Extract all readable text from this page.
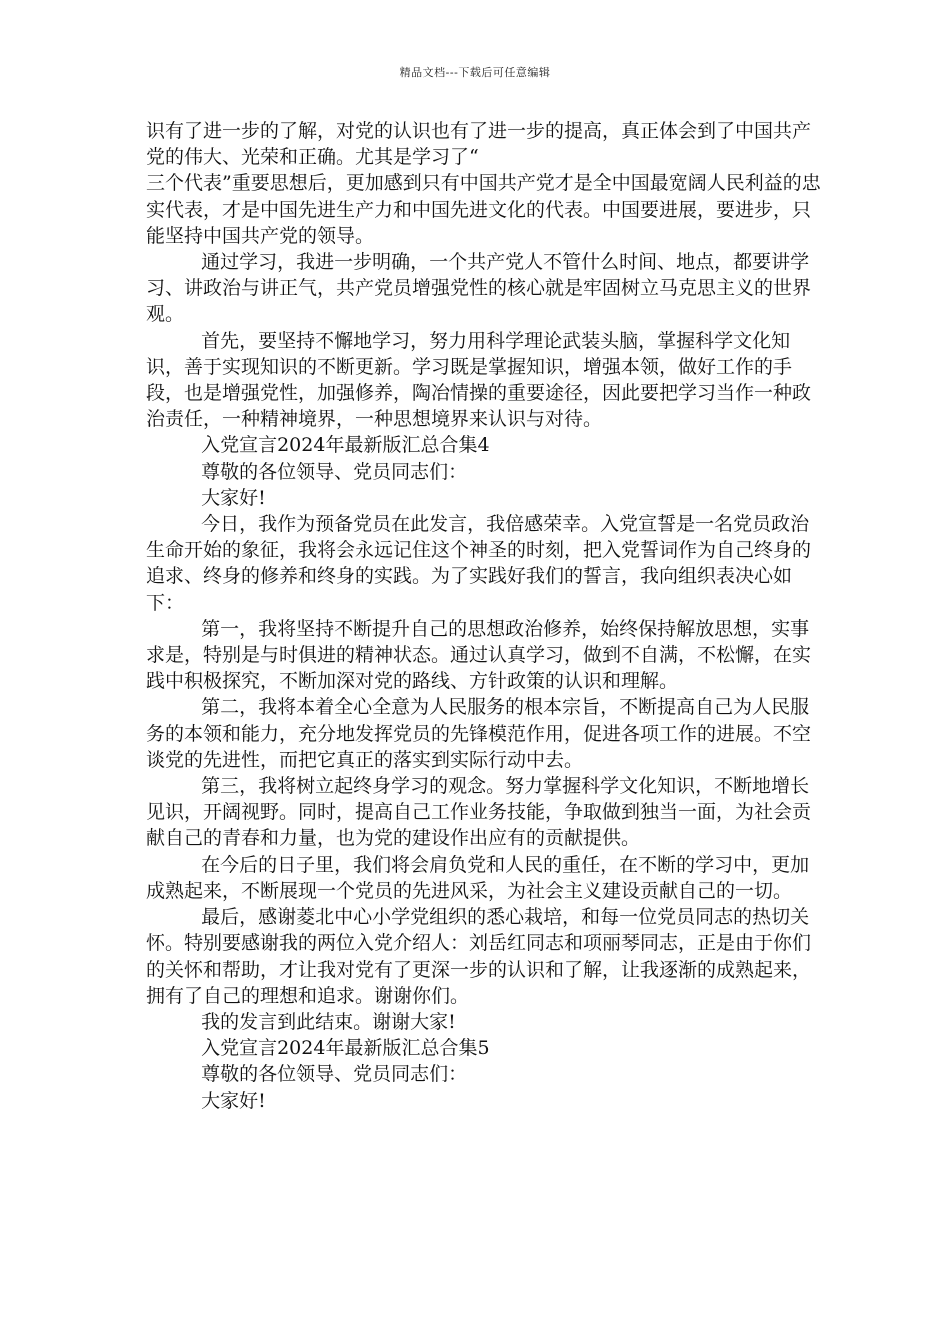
精品文档---下载后可任意编辑

识有了进一步的了解，对党的认识也有了进一步的提高，真正体会到了中国共产党的伟大、光荣和正确。尤其是学习了“
三个代表”重要思想后，更加感到只有中国共产党才是全中国最宽阔人民利益的忠实代表，才是中国先进生产力和中国先进文化的代表。中国要进展，要进步，只能坚持中国共产党的领导。

通过学习，我进一步明确，一个共产党人不管什么时间、地点，都要讲学习、讲政治与讲正气，共产党员增强党性的核心就是牢固树立马克思主义的世界观。

首先，要坚持不懈地学习，努力用科学理论武装头脑，掌握科学文化知识，善于实现知识的不断更新。学习既是掌握知识，增强本领，做好工作的手段，也是增强党性，加强修养，陶冶情操的重要途径，因此要把学习当作一种政治责任，一种精神境界，一种思想境界来认识与对待。

入党宣言2024年最新版汇总合集4

尊敬的各位领导、党员同志们：

大家好!

今日，我作为预备党员在此发言，我倍感荣幸。入党宣誓是一名党员政治生命开始的象征，我将会永远记住这个神圣的时刻，把入党誓词作为自己终身的追求、终身的修养和终身的实践。为了实践好我们的誓言，我向组织表决心如下：

第一，我将坚持不断提升自己的思想政治修养，始终保持解放思想，实事求是，特别是与时俱进的精神状态。通过认真学习，做到不自满，不松懈，在实践中积极探究，不断加深对党的路线、方针政策的认识和理解。

第二，我将本着全心全意为人民服务的根本宗旨，不断提高自己为人民服务的本领和能力，充分地发挥党员的先锋模范作用，促进各项工作的进展。不空谈党的先进性，而把它真正的落实到实际行动中去。

第三，我将树立起终身学习的观念。努力掌握科学文化知识，不断地增长见识，开阔视野。同时，提高自己工作业务技能，争取做到独当一面，为社会贡献自己的青春和力量，也为党的建设作出应有的贡献提供。

在今后的日子里，我们将会肩负党和人民的重任，在不断的学习中，更加成熟起来，不断展现一个党员的先进风采，为社会主义建设贡献自己的一切。

最后，感谢菱北中心小学党组织的悉心栽培，和每一位党员同志的热切关怀。特别要感谢我的两位入党介绍人：刘岳红同志和项丽琴同志，正是由于你们的关怀和帮助，才让我对党有了更深一步的认识和了解，让我逐渐的成熟起来，拥有了自己的理想和追求。谢谢你们。

我的发言到此结束。谢谢大家!

入党宣言2024年最新版汇总合集5

尊敬的各位领导、党员同志们：

大家好!
